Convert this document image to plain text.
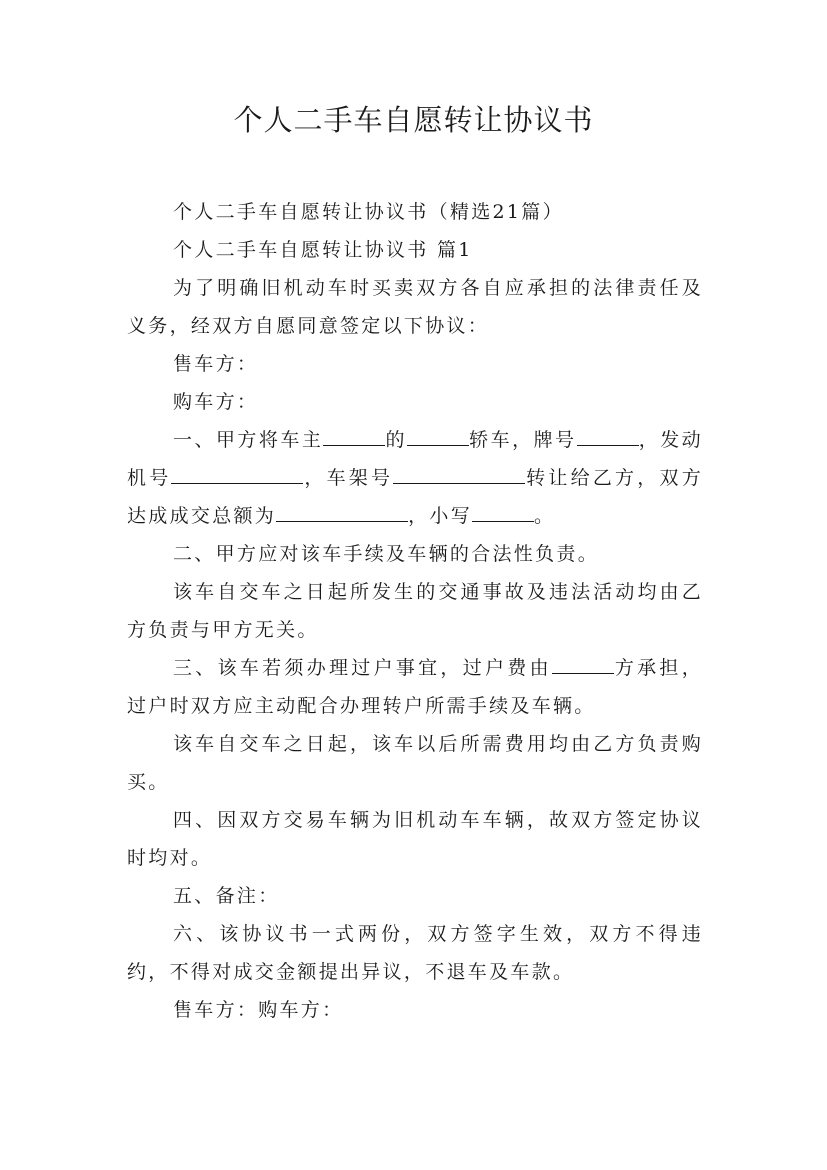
个人二手车自愿转让协议书

个人二手车自愿转让协议书（精选21篇）

个人二手车自愿转让协议书 篇1

为了明确旧机动车时买卖双方各自应承担的法律责任及义务，经双方自愿同意签定以下协议：

售车方：

购车方：

一、甲方将车主	的	轿车，牌号	，发动机号	，车架号	转让给乙方，双方达成成交总额为	，小写	。

二、甲方应对该车手续及车辆的合法性负责。

该车自交车之日起所发生的交通事故及违法活动均由乙方负责与甲方无关。

三、该车若须办理过户事宜，过户费由	方承担，过户时双方应主动配合办理转户所需手续及车辆。

该车自交车之日起，该车以后所需费用均由乙方负责购买。

四、因双方交易车辆为旧机动车车辆，故双方签定协议时均对。

五、备注：

六、该协议书一式两份，双方签字生效，双方不得违约，不得对成交金额提出异议，不退车及车款。

售车方：购车方：
